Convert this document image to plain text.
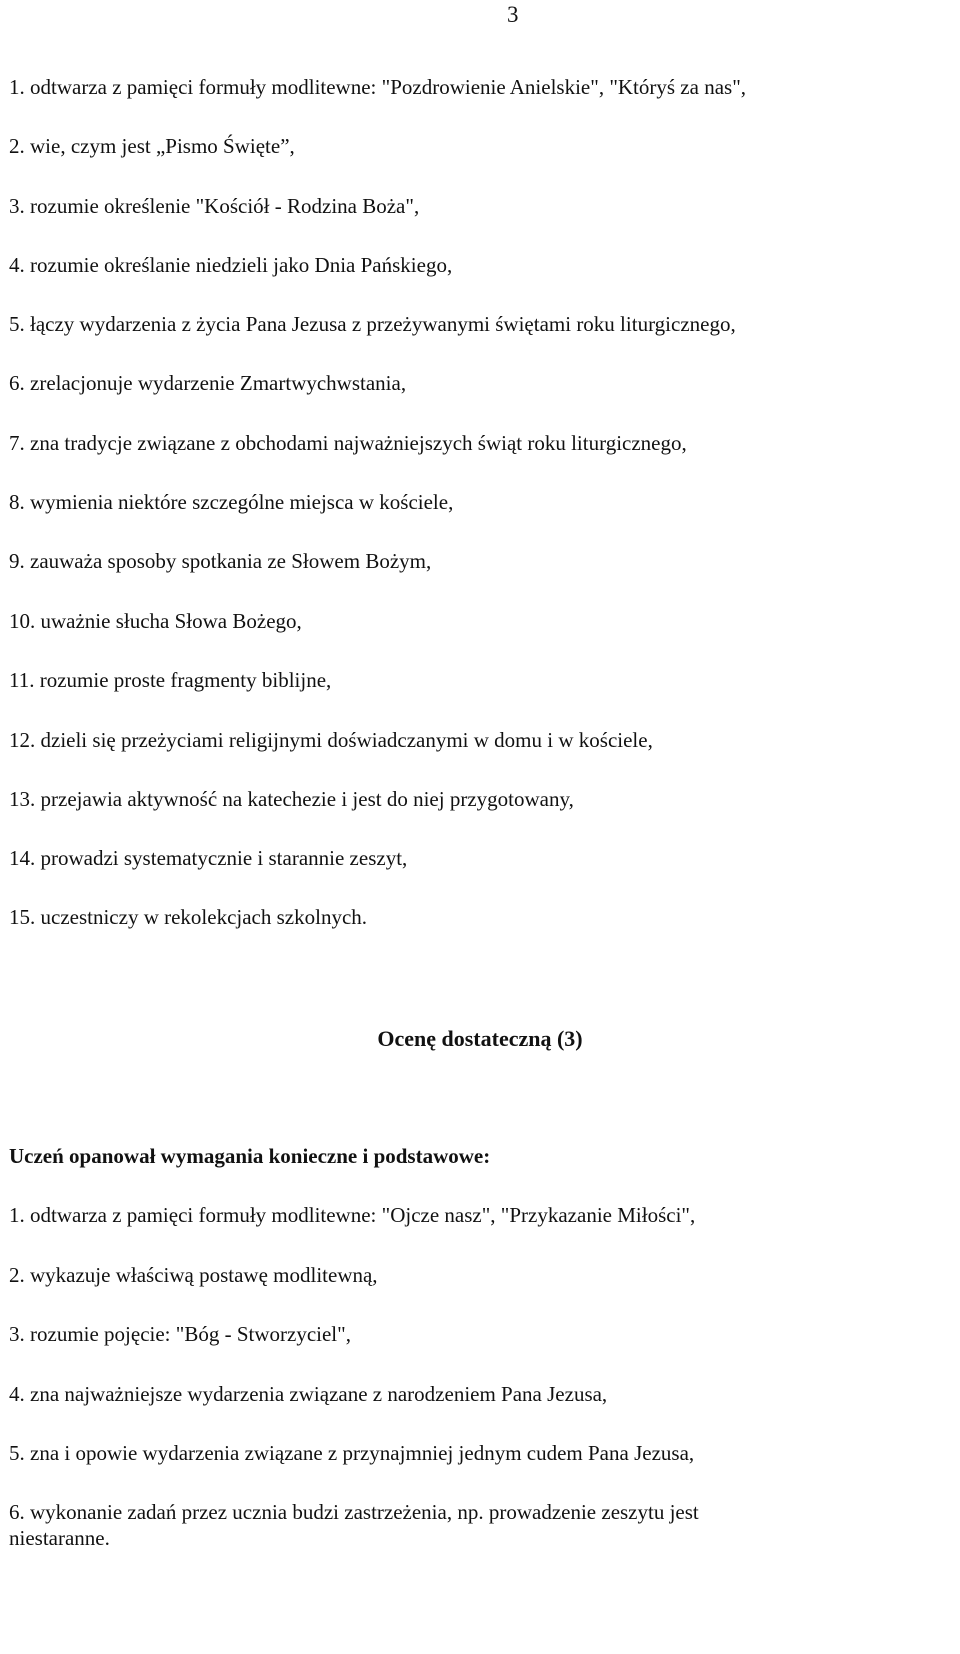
3
1. odtwarza z pamięci formuły modlitewne: "Pozdrowienie Anielskie", "Któryś za nas",
2. wie, czym jest „Pismo Święte”,
3. rozumie określenie "Kościół - Rodzina Boża",
4. rozumie określanie niedzieli jako Dnia Pańskiego,
5. łączy wydarzenia z życia Pana Jezusa z przeżywanymi świętami roku liturgicznego,
6. zrelacjonuje wydarzenie Zmartwychwstania,
7. zna tradycje związane z obchodami najważniejszych świąt roku liturgicznego,
8. wymienia niektóre szczególne miejsca w kościele,
9. zauważa sposoby spotkania ze Słowem Bożym,
10. uważnie słucha Słowa Bożego,
11. rozumie proste fragmenty biblijne,
12. dzieli się przeżyciami religijnymi doświadczanymi w domu i w kościele,
13. przejawia aktywność na katechezie i jest do niej przygotowany,
14. prowadzi systematycznie i starannie zeszyt,
15. uczestniczy w rekolekcjach szkolnych.
Ocenę dostateczną (3)
Uczeń opanował wymagania konieczne i podstawowe:
1. odtwarza z pamięci formuły modlitewne: "Ojcze nasz", "Przykazanie Miłości",
2. wykazuje właściwą postawę modlitewną,
3. rozumie pojęcie: "Bóg - Stworzyciel",
4. zna najważniejsze wydarzenia związane z narodzeniem Pana Jezusa,
5. zna i opowie wydarzenia związane z przynajmniej jednym cudem Pana Jezusa,
6. wykonanie zadań przez ucznia budzi zastrzeżenia, np. prowadzenie zeszytu jest
niestaranne.
